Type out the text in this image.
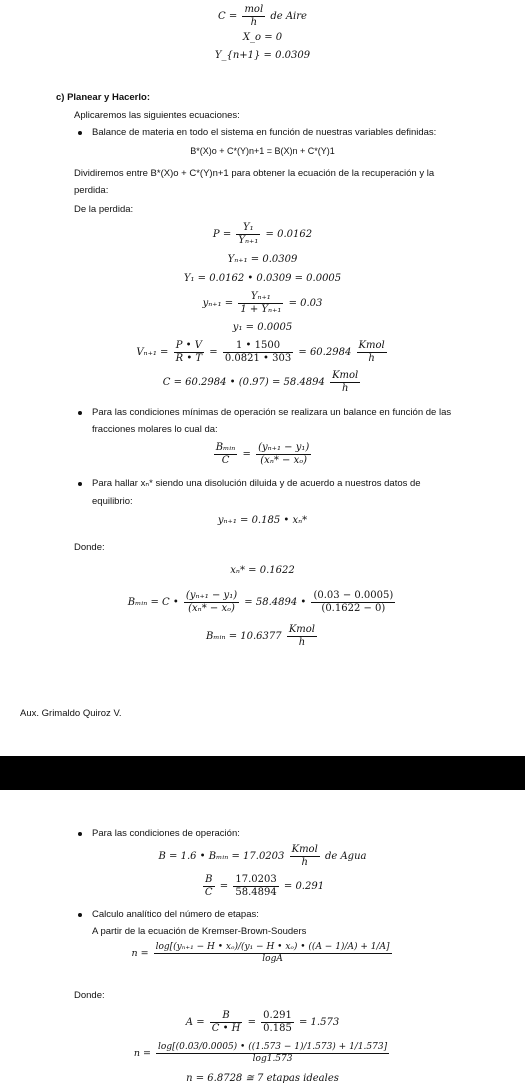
$C = \frac{\text{mol}}{h}$ de Aire
X_o = 0
Y_{n+1} = 0.0309
c) Planear y Hacerlo:
Aplicaremos las siguientes ecuaciones:
Balance de materia en todo el sistema en función de nuestras variables definidas:
B*(X)o + C*(Y)n+1 = B(X)n + C*(Y)1
Dividiremos entre B*(X)o + C*(Y)n+1 para obtener la ecuación de la recuperación y la
perdida:
De la perdida:
$P = \frac{\text{Y₁}}{\text{Yₙ₊₁}} = 0.0162$
Yₙ₊₁ = 0.0309
Y₁ = 0.0162 • 0.0309 = 0.0005
$y_{n+1} = \frac{\text{Yₙ₊₁}}{\text{1 + Yₙ₊₁}} = 0.03$
y₁ = 0.0005
$V_{n+1} = \frac{P • V}{R • T} = \frac{1 • 1500}{0.0821 • 303} = 60.2984 \frac{\text{Kmol}}{h}$
C = 60.2984 • $(0.97) = 58.4894 \frac{\text{Kmol}}{h}$
Para las condiciones mínimas de operación se realizara un balance en función de las
fracciones molares lo cual da:
$\frac{\text{Bₘᵢₙ}}{C} = \frac{\text{(yₙ₊₁ − y₁)}}{\text{(xₙ* − xₒ)}}$
Para hallar xₙ* siendo una disolución diluida y de acuerdo a nuestros datos de
equilibrio:
yₙ₊₁ = 0.185 • xₙ*
Donde:
xₙ* = 0.1622
Bₘᵢₙ = C • $\frac{\text{(yₙ₊₁ − y₁)}}{\text{(xₙ* − xₒ)}} = 58.4894$ • $\frac{(0.03 - 0.0005)}{(0.1622 - 0)}$
Bₘᵢₙ = $10.6377 \frac{\text{Kmol}}{h}$
Aux. Grimaldo Quiroz V.
Para las condiciones de operación:
B = 1.6 • Bₘᵢₙ = $17.0203 \frac{\text{Kmol}}{h}$ de Agua
$\frac{B}{C} = \frac{17.0203}{58.4894} = 0.291$
Calculo analítico del número de etapas:
A partir de la ecuación de Kremser-Brown-Souders
$n = \frac{\text{log[(yₙ₊₁ − H • xₒ)/(y₁ − H • xₒ) • ((A − 1)/A) + 1/A]}}{\log A}$
Donde:
$A = \frac{B}{C • H} = \frac{0.291}{0.185} = 1.573$
$n = \frac{\log[(0.03/0.0005) • ((1.573 - 1)/1.573) + 1/1.573]}{\log 1.573}$
n = 6.8728 ≅ 7 etapas ideales
